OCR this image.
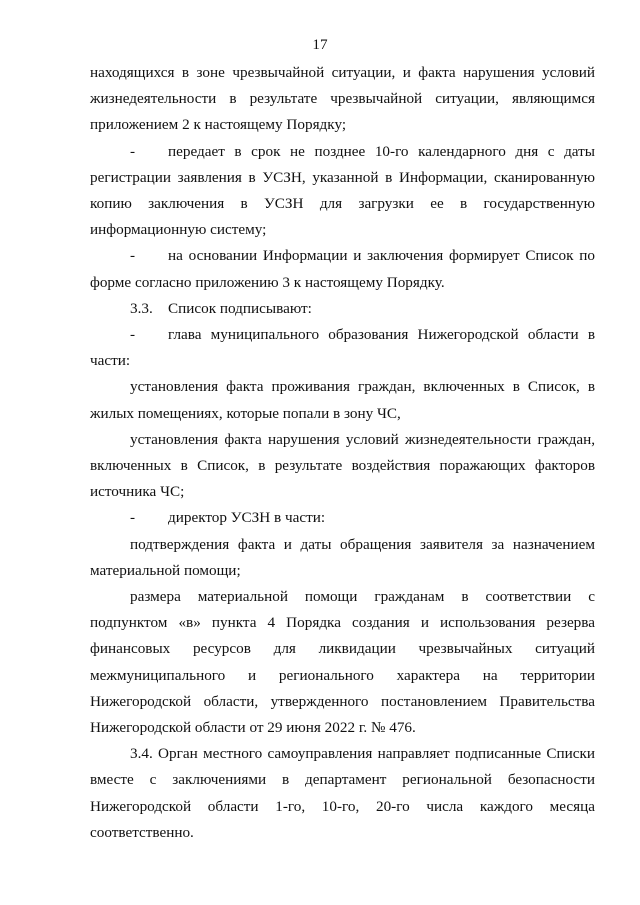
17

находящихся в зоне чрезвычайной ситуации, и факта нарушения условий жизнедеятельности в результате чрезвычайной ситуации, являющимся приложением 2 к настоящему Порядку;

- передает в срок не позднее 10-го календарного дня с даты регистрации заявления в УСЗН, указанной в Информации, сканированную копию заключения в УСЗН для загрузки ее в государственную информационную систему;

- на основании Информации и заключения формирует Список по форме согласно приложению 3 к настоящему Порядку.

3.3. Список подписывают:

- глава муниципального образования Нижегородской области в части:

установления факта проживания граждан, включенных в Список, в жилых помещениях, которые попали в зону ЧС,

установления факта нарушения условий жизнедеятельности граждан, включенных в Список, в результате воздействия поражающих факторов источника ЧС;

- директор УСЗН в части:

подтверждения факта и даты обращения заявителя за назначением материальной помощи;

размера материальной помощи гражданам в соответствии с подпунктом «в» пункта 4 Порядка создания и использования резерва финансовых ресурсов для ликвидации чрезвычайных ситуаций межмуниципального и регионального характера на территории Нижегородской области, утвержденного постановлением Правительства Нижегородской области от 29 июня 2022 г. № 476.

3.4. Орган местного самоуправления направляет подписанные Списки вместе с заключениями в департамент региональной безопасности Нижегородской области 1-го, 10-го, 20-го числа каждого месяца соответственно.
